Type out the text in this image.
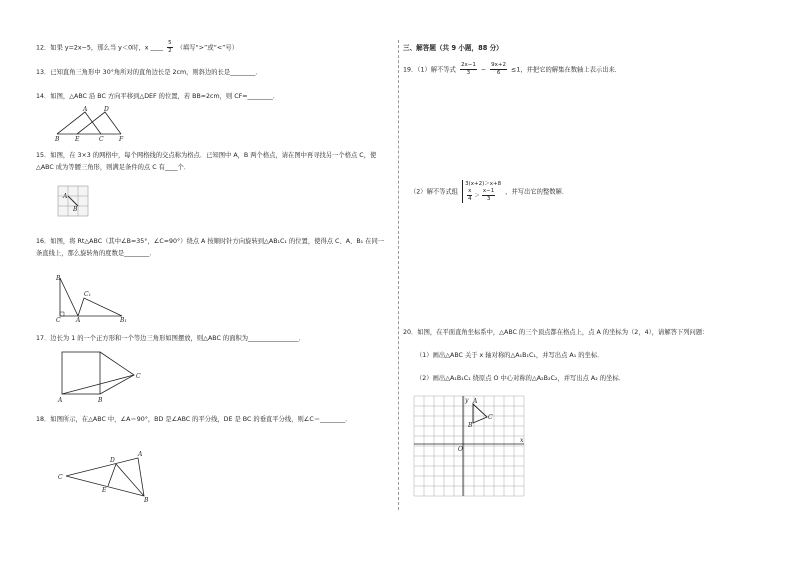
12．如果 y=2x−5，那么当 y＜0时，x ____ $\frac{5}{2}$ （填写“>”或“<”号）
13．已知直角三角形中 30°角所对的直角边长是 2cm，则斜边的长是________．
14．如图，△ABC 沿 BC 方向平移到△DEF 的位置，若 BB=2cm，则 CF=________．
A	D
B	E	C	F
15．如图，在 3×3 的网格中，每个网格线的交点称为格点．已知图中 A，B 两个格点，请在图中再寻找另一个格点 C，使△ABC 成为等腰三角形，则满足条件的点 C 有____个．
A
B
16．如图，将 Rt△ABC（其中∠B=35°，∠C=90°）绕点 A 按顺时针方向旋转到△AB₁C₁ 的位置，使得点 C、A、B₁ 在同一条直线上，那么旋转角的度数是________．
B
C₁
C	A	B₁
17．边长为 1 的一个正方形和一个等边三角形如图摆放，则△ABC 的面积为________________．
C
A	B
18．如图所示，在△ABC 中，∠A＝90°，BD 是∠ABC 的平分线，DE 是 BC 的垂直平分线，则∠C＝________．
C
D
A
E
B
三、解答题（共 9 小题，88 分）
19．（1）解不等式 $\frac{2x-1}{3} - \frac{9x+2}{6} \le 1$，并把它的解集在数轴上表示出来．
（2）解不等式组
3(x+2)＞x+8
$\frac{x}{4} > \frac{x-1}{3}$ ，并写出它的整数解．
20．如图，在平面直角坐标系中，△ABC 的三个顶点都在格点上，点 A 的坐标为（2，4），请解答下列问题：
（1）画出△ABC 关于 x 轴对称的△A₁B₁C₁，并写出点 A₁ 的坐标．
（2）画出△A₁B₁C₁ 绕原点 O 中心对称的△A₂B₂C₂，并写出点 A₂ 的坐标．
y
x
O
A
B
C
